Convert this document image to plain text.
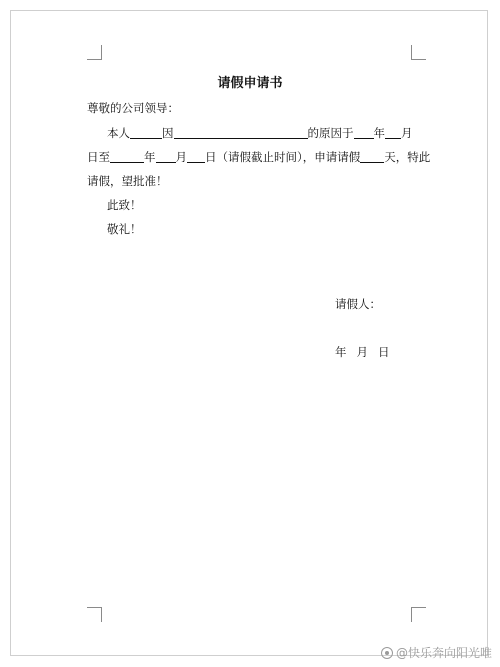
请假申请书
尊敬的公司领导：
本人	因	的原因于 年 月
日至	年 月 日（请假截止时间），申请请假 天，特此
请假，望批准！
此致！
敬礼！
请假人：
年 月 日
@快乐奔向阳光唯
